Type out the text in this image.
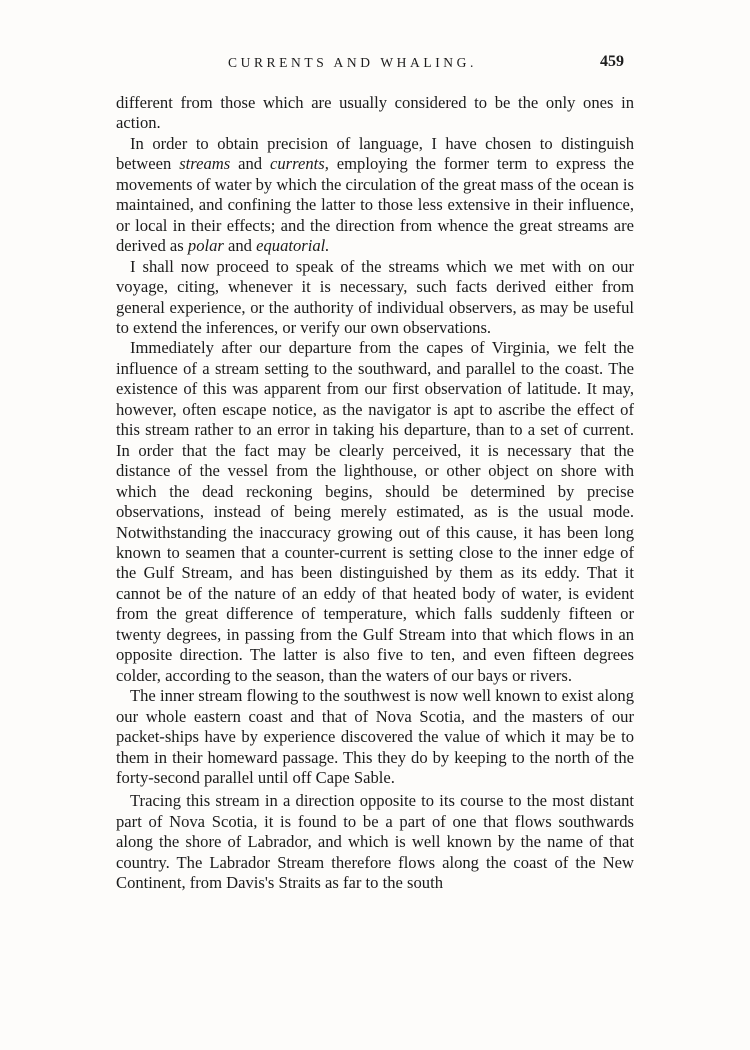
CURRENTS AND WHALING.	459

different from those which are usually considered to be the only ones in action.

In order to obtain precision of language, I have chosen to distinguish between streams and currents, employing the former term to express the movements of water by which the circulation of the great mass of the ocean is maintained, and confining the latter to those less extensive in their influence, or local in their effects; and the direction from whence the great streams are derived as polar and equatorial.

I shall now proceed to speak of the streams which we met with on our voyage, citing, whenever it is necessary, such facts derived either from general experience, or the authority of individual observers, as may be useful to extend the inferences, or verify our own observations.

Immediately after our departure from the capes of Virginia, we felt the influence of a stream setting to the southward, and parallel to the coast. The existence of this was apparent from our first observation of latitude. It may, however, often escape notice, as the navigator is apt to ascribe the effect of this stream rather to an error in taking his departure, than to a set of current. In order that the fact may be clearly perceived, it is necessary that the distance of the vessel from the lighthouse, or other object on shore with which the dead reckoning begins, should be determined by precise observations, instead of being merely estimated, as is the usual mode. Notwithstanding the inaccuracy growing out of this cause, it has been long known to seamen that a counter-current is setting close to the inner edge of the Gulf Stream, and has been distinguished by them as its eddy. That it cannot be of the nature of an eddy of that heated body of water, is evident from the great difference of temperature, which falls suddenly fifteen or twenty degrees, in passing from the Gulf Stream into that which flows in an opposite direction. The latter is also five to ten, and even fifteen degrees colder, according to the season, than the waters of our bays or rivers.

The inner stream flowing to the southwest is now well known to exist along our whole eastern coast and that of Nova Scotia, and the masters of our packet-ships have by experience discovered the value of which it may be to them in their homeward passage. This they do by keeping to the north of the forty-second parallel until off Cape Sable.

Tracing this stream in a direction opposite to its course to the most distant part of Nova Scotia, it is found to be a part of one that flows southwards along the shore of Labrador, and which is well known by the name of that country. The Labrador Stream therefore flows along the coast of the New Continent, from Davis's Straits as far to the south
